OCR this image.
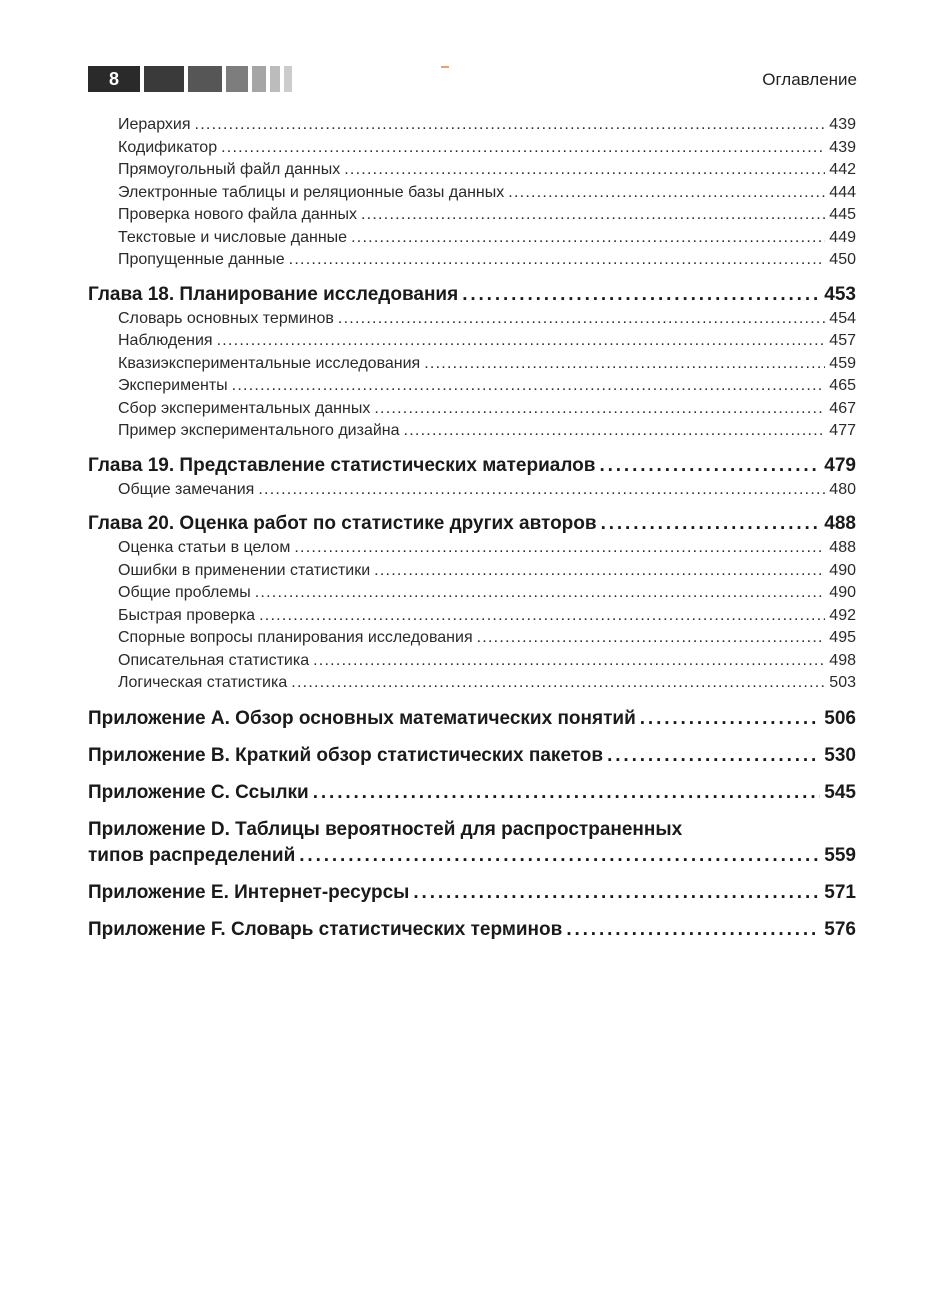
8	Оглавление
Иерархия . . .	439
Кодификатор . . .	439
Прямоугольный файл данных . . .	442
Электронные таблицы и реляционные базы данных . . .	444
Проверка нового файла данных . . .	445
Текстовые и числовые данные . . .	449
Пропущенные данные . . .	450
Глава 18. Планирование исследования . . .	453
Словарь основных терминов . . .	454
Наблюдения . . .	457
Квазиэкспериментальные исследования . . .	459
Эксперименты . . .	465
Сбор экспериментальных данных . . .	467
Пример экспериментального дизайна . . .	477
Глава 19. Представление статистических материалов . . .	479
Общие замечания . . .	480
Глава 20. Оценка работ по статистике других авторов . . .	488
Оценка статьи в целом . . .	488
Ошибки в применении статистики . . .	490
Общие проблемы . . .	490
Быстрая проверка . . .	492
Спорные вопросы планирования исследования . . .	495
Описательная статистика . . .	498
Логическая статистика . . .	503
Приложение A. Обзор основных математических понятий . . .	506
Приложение B. Краткий обзор статистических пакетов . . .	530
Приложение C. Ссылки . . .	545
Приложение D. Таблицы вероятностей для распространенных
типов распределений . . .	559
Приложение E. Интернет-ресурсы . . .	571
Приложение F. Словарь статистических терминов . . .	576
